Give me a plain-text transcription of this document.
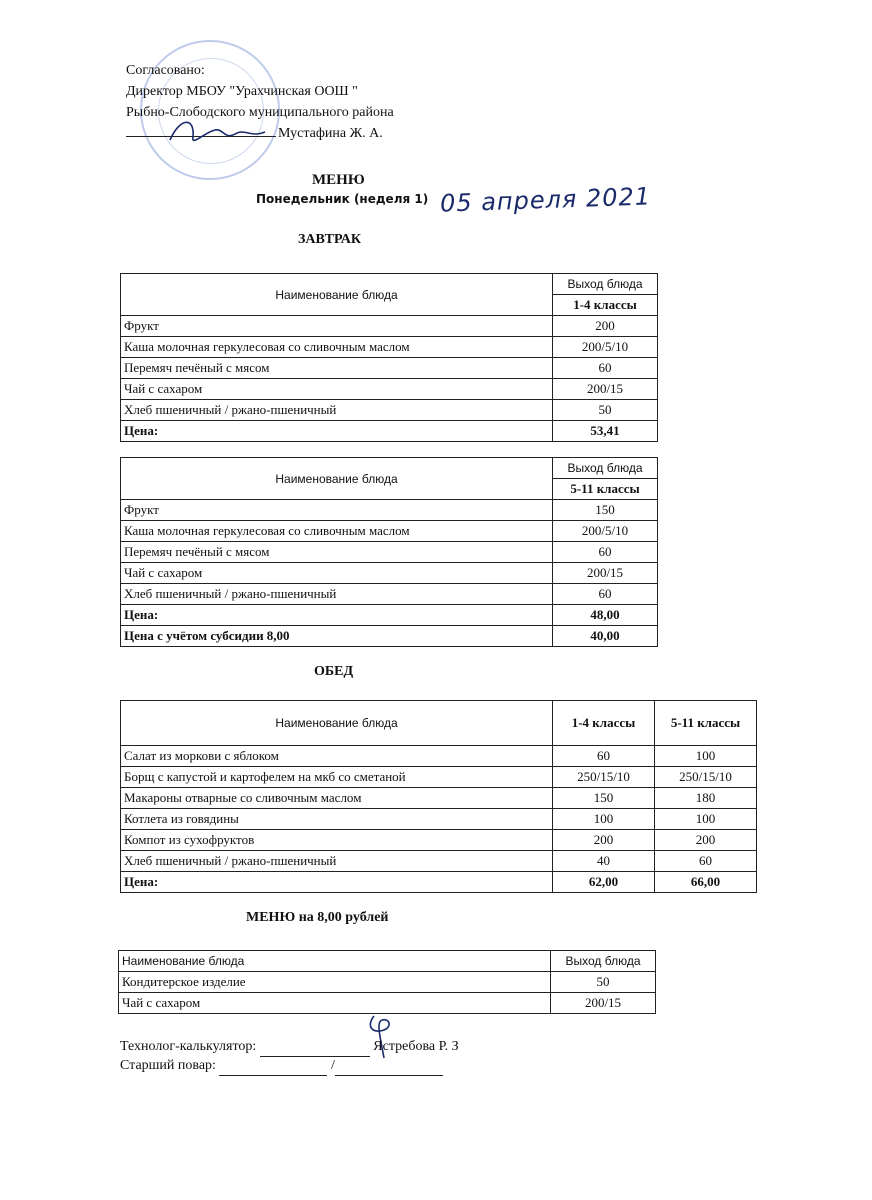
Согласовано:
Директор МБОУ "Урахчинская ООШ "
Рыбно-Слободского муниципального района
Мустафина Ж. А.
МЕНЮ
Понедельник (неделя 1) 05 апреля 2021
ЗАВТРАК
Наименование блюда	Выход блюда
	1-4 классы
Фрукт	200
Каша молочная геркулесовая со сливочным маслом	200/5/10
Перемяч печёный с мясом	60
Чай с сахаром	200/15
Хлеб пшеничный / ржано-пшеничный	50
Цена:	53,41
Наименование блюда	Выход блюда
	5-11 классы
Фрукт	150
Каша молочная геркулесовая со сливочным маслом	200/5/10
Перемяч печёный с мясом	60
Чай с сахаром	200/15
Хлеб пшеничный / ржано-пшеничный	60
Цена:	48,00
Цена с учётом субсидии 8,00	40,00
ОБЕД
Наименование блюда	1-4 классы	5-11 классы
Салат из моркови с яблоком	60	100
Борщ с капустой и картофелем на мкб со сметаной	250/15/10	250/15/10
Макароны отварные со сливочным маслом	150	180
Котлета из говядины	100	100
Компот из сухофруктов	200	200
Хлеб пшеничный / ржано-пшеничный	40	60
Цена:	62,00	66,00
МЕНЮ на 8,00 рублей
Наименование блюда	Выход блюда
Кондитерское изделие	50
Чай с сахаром	200/15
Технолог-калькулятор:	Ястребова Р. З
Старший повар:	/
